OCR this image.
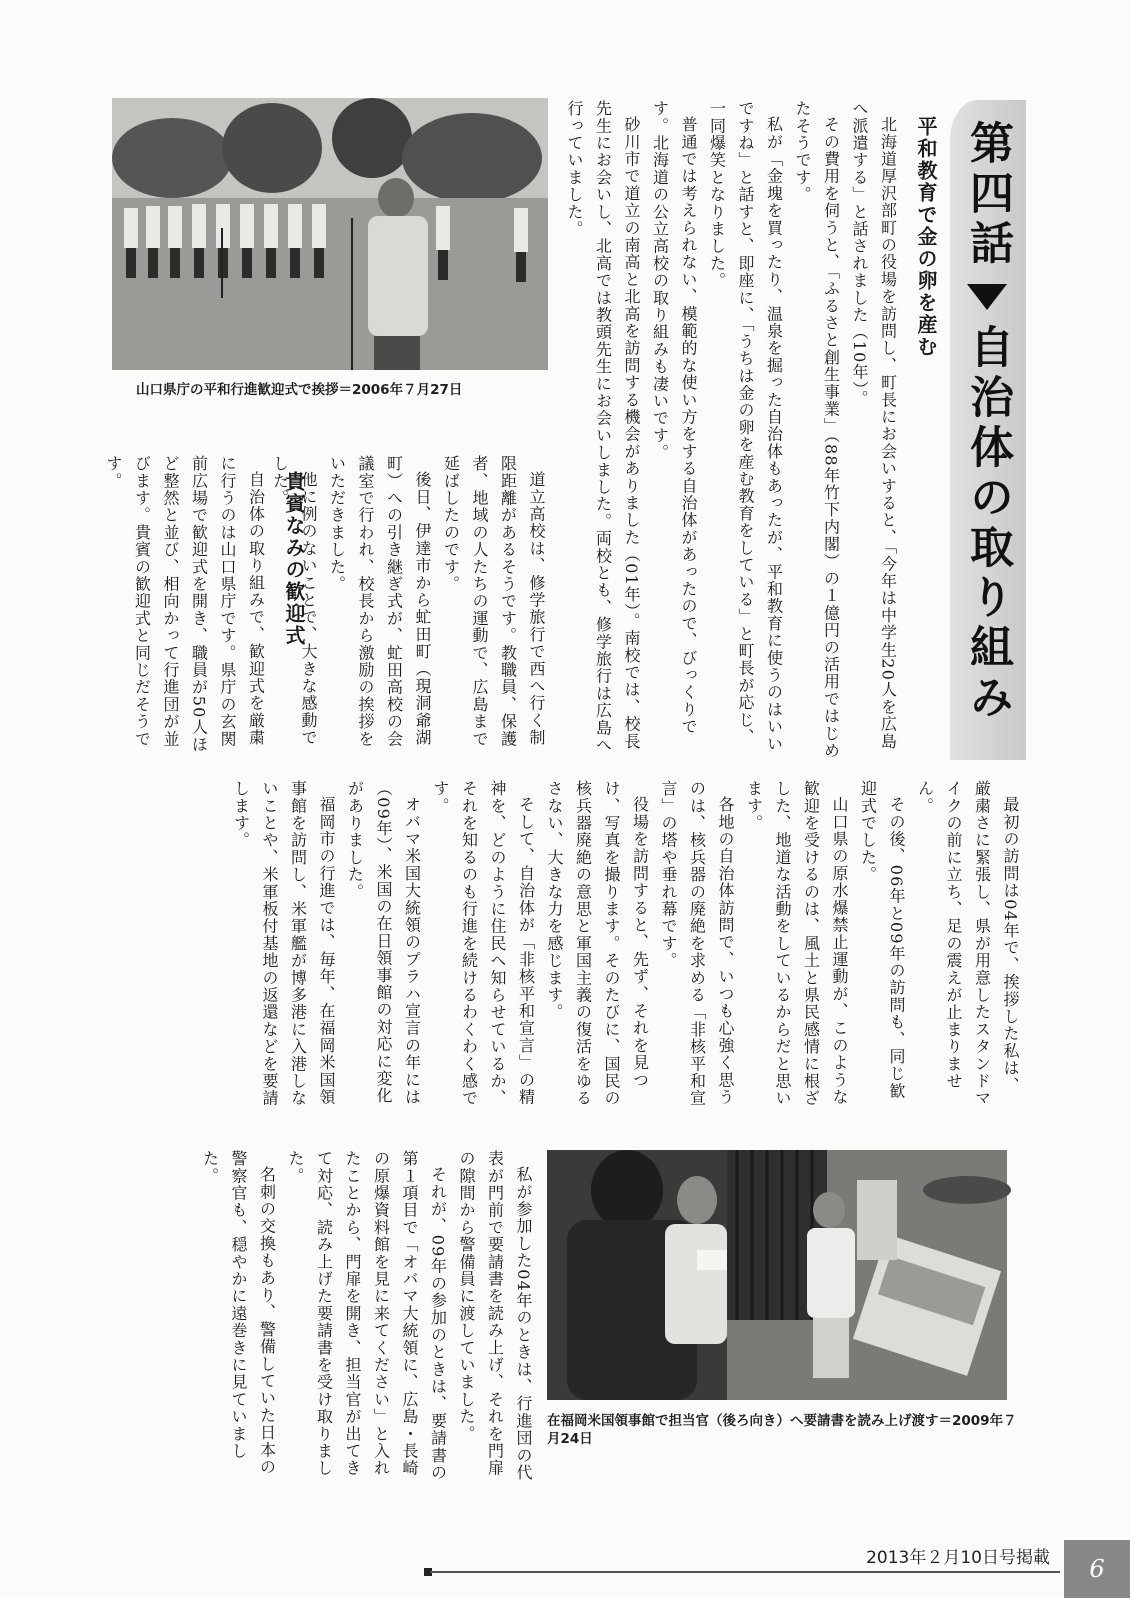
第四話自治体の取り組み
山口県庁の平和行進歓迎式で挨拶＝2006年７月27日
平和教育で金の卵を産む

北海道厚沢部町の役場を訪問し、町長にお会いすると、「今年は中学生20人を広島へ派遣する」と話されました（10年）。

その費用を伺うと、「ふるさと創生事業」（88年竹下内閣）の１億円の活用ではじめたそうです。

私が「金塊を買ったり、温泉を掘った自治体もあったが、平和教育に使うのはいいですね」と話すと、即座に、「うちは金の卵を産む教育をしている」と町長が応じ、一同爆笑となりました。

普通では考えられない、模範的な使い方をする自治体があったので、びっくりです。北海道の公立高校の取り組みも凄いです。

砂川市で道立の南高と北高を訪問する機会がありました（01年）。南校では、校長先生にお会いし、北高では教頭先生にお会いしました。両校とも、修学旅行は広島へ行っていました。

道立高校は、修学旅行で西へ行く制限距離があるそうです。教職員、保護者、地域の人たちの運動で、広島まで延ばしたのです。

後日、伊達市から虻田町（現洞爺湖町）への引き継ぎ式が、虻田高校の会議室で行われ、校長から激励の挨拶をいただきました。

他に例のないことで、大きな感動でした。

貴賓なみの歓迎式

自治体の取り組みで、歓迎式を厳粛に行うのは山口県庁です。県庁の玄関前広場で歓迎式を開き、職員が50人ほど整然と並び、相向かって行進団が並びます。貴賓の歓迎式と同じだそうです。

最初の訪問は04年で、挨拶した私は、厳粛さに緊張し、県が用意したスタンドマイクの前に立ち、足の震えが止まりません。

その後、06年と09年の訪問も、同じ歓迎式でした。

山口県の原水爆禁止運動が、このような歓迎を受けるのは、風土と県民感情に根ざした、地道な活動をしているからだと思います。

各地の自治体訪問で、いつも心強く思うのは、核兵器の廃絶を求める「非核平和宣言」の塔や垂れ幕です。

役場を訪問すると、先ず、それを見つけ、写真を撮ります。そのたびに、国民の核兵器廃絶の意思と軍国主義の復活をゆるさない、大きな力を感じます。

そして、自治体が「非核平和宣言」の精神を、どのように住民へ知らせているか、それを知るのも行進を続けるわくわく感です。

オバマ米国大統領のプラハ宣言の年には（09年）、米国の在日領事館の対応に変化がありました。

福岡市の行進では、毎年、在福岡米国領事館を訪問し、米軍艦が博多港に入港しないことや、米軍板付基地の返還などを要請します。

在福岡米国領事館で担当官（後ろ向き）へ要請書を読み上げ渡す＝2009年７月24日

私が参加した04年のときは、行進団の代表が門前で要請書を読み上げ、それを門扉の隙間から警備員に渡していました。

それが、09年の参加のときは、要請書の第１項目で「オバマ大統領に、広島・長崎の原爆資料館を見に来てください」と入れたことから、門扉を開き、担当官が出てきて対応、読み上げた要請書を受け取りました。

名刺の交換もあり、警備していた日本の警察官も、穏やかに遠巻きに見ていました。

2013年２月10日号掲載	6
